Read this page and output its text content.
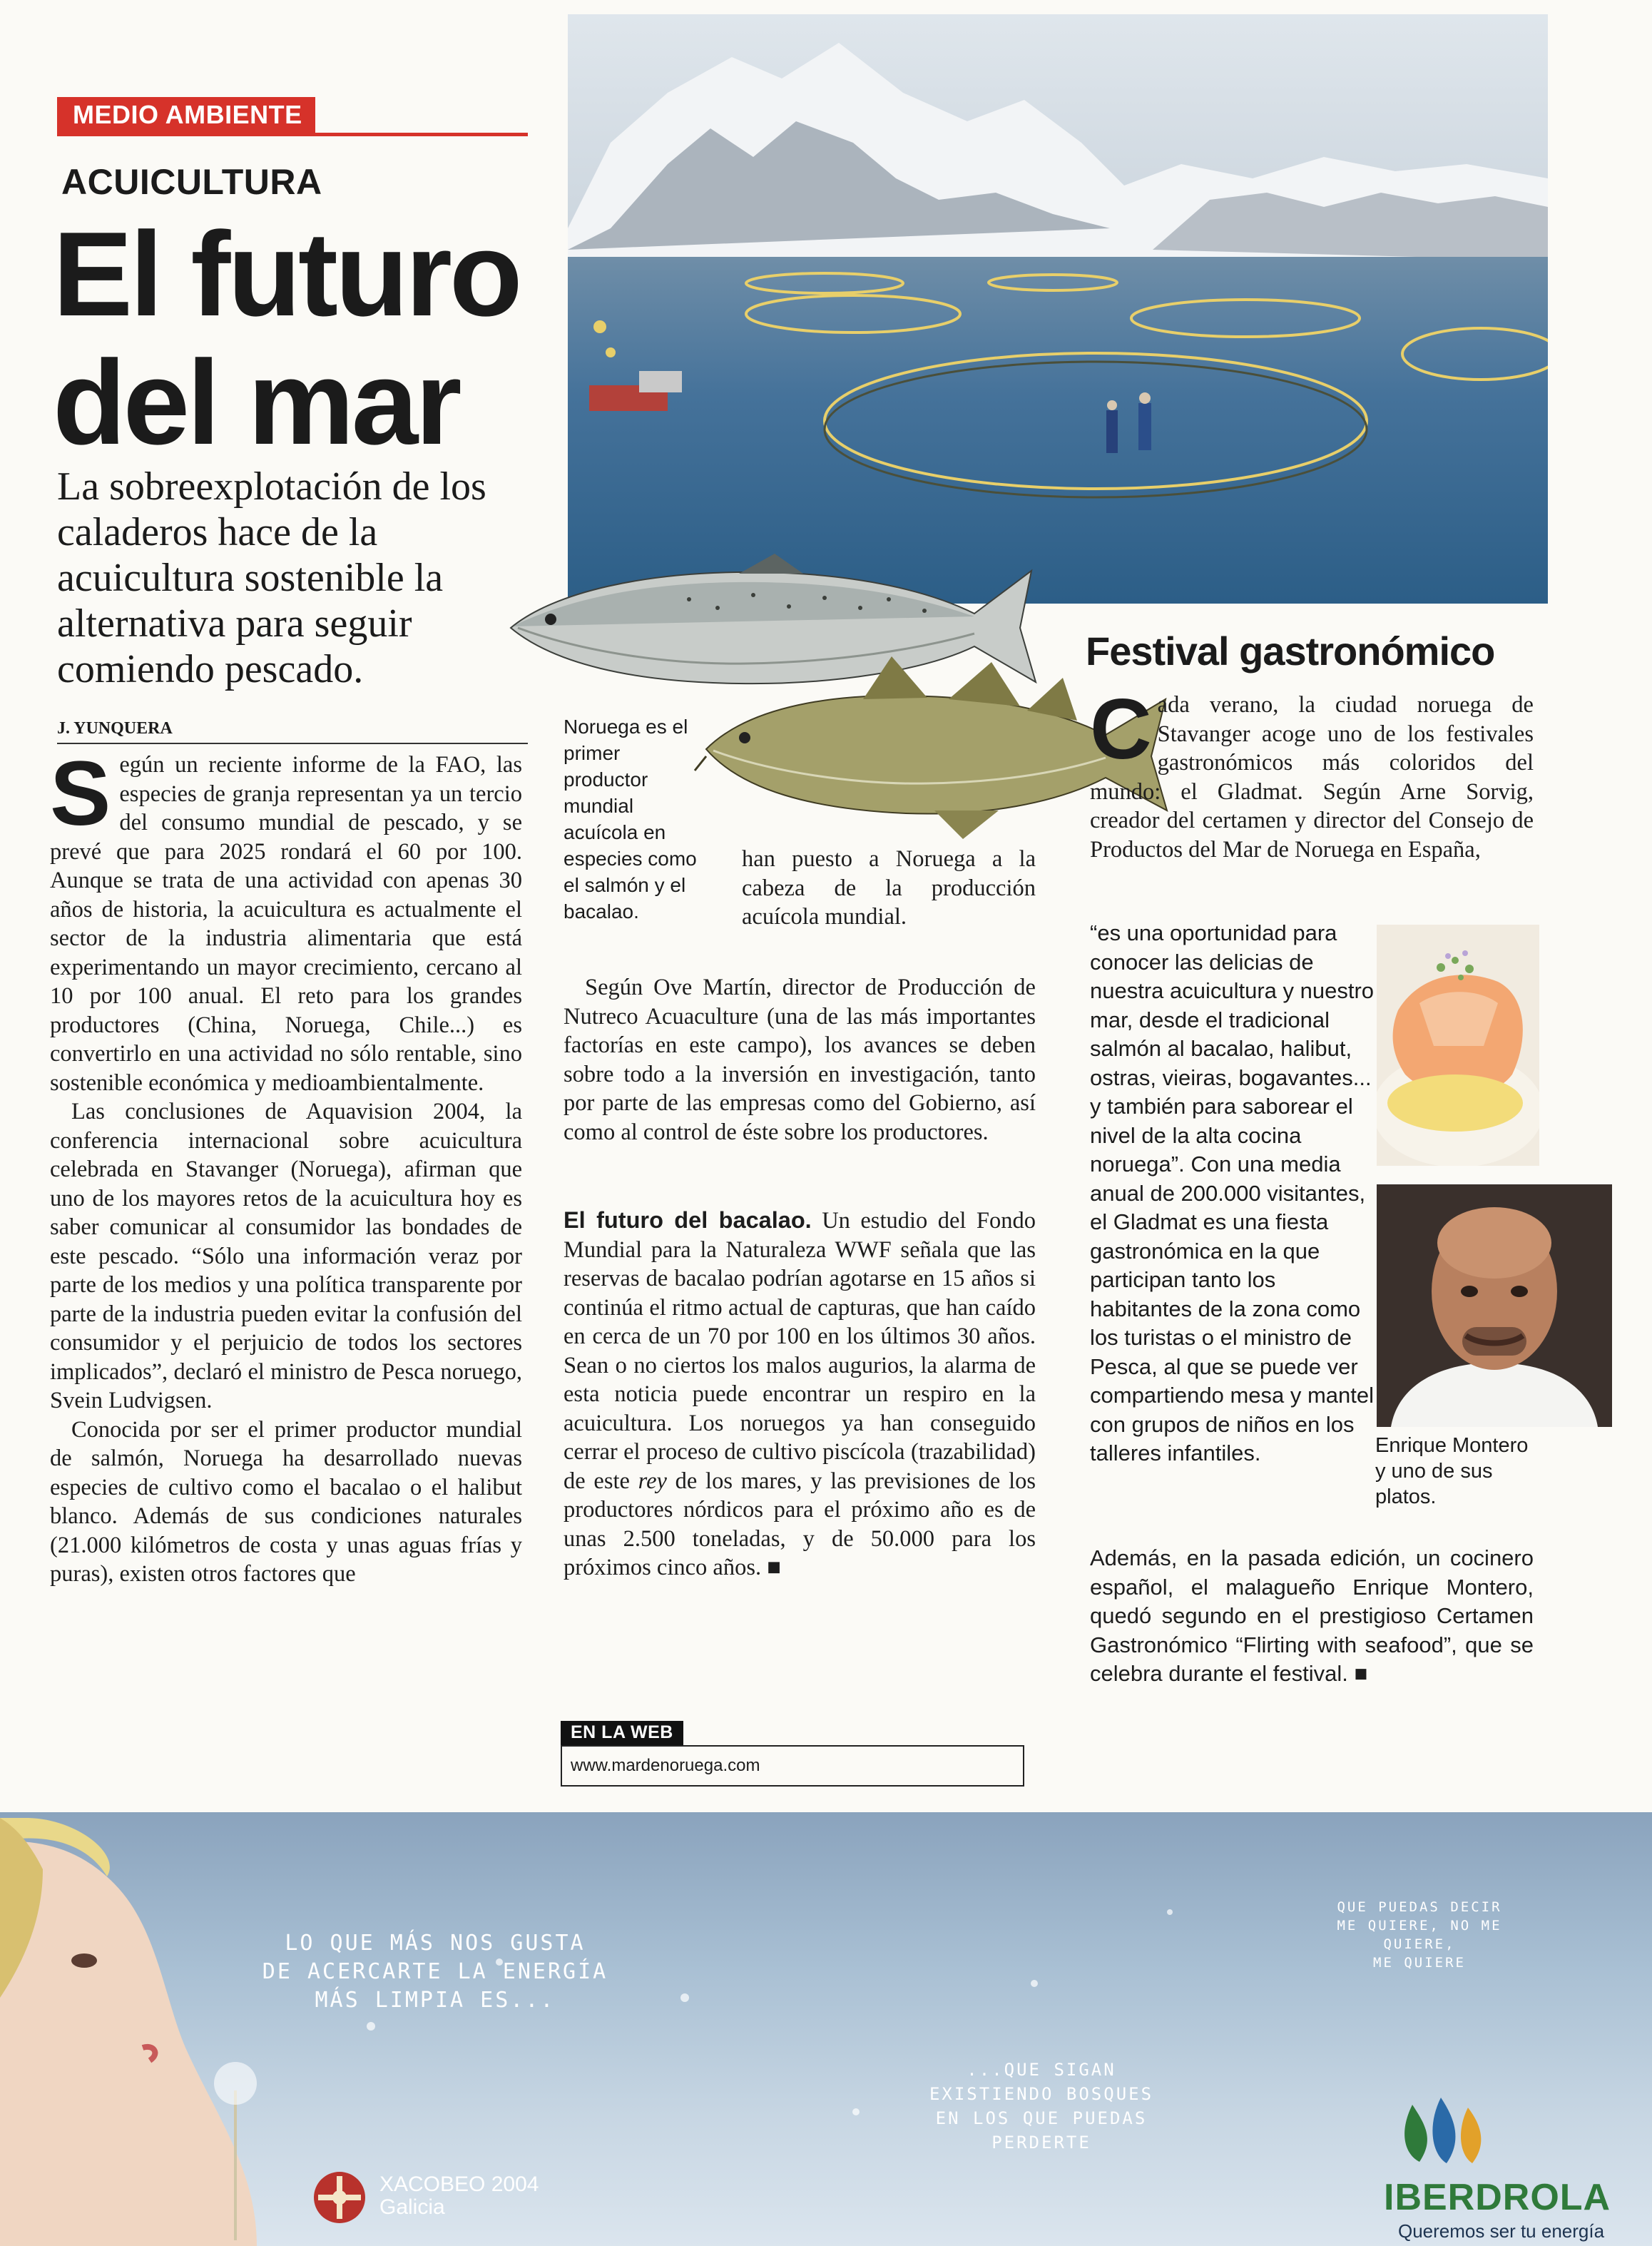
MEDIO AMBIENTE
ACUICULTURA
El futuro
del mar
La sobreexplotación de los caladeros hace de la acuicultura sostenible la alternativa para seguir comiendo pescado.
J. YUNQUERA

Según un reciente informe de la FAO, las especies de granja representan ya un tercio del consumo mundial de pescado, y se prevé que para 2025 rondará el 60 por 100. Aunque se trata de una actividad con apenas 30 años de historia, la acuicultura es actualmente el sector de la industria alimentaria que está experimentando un mayor crecimiento, cercano al 10 por 100 anual. El reto para los grandes productores (China, Noruega, Chile...) es convertirlo en una actividad no sólo rentable, sino sostenible económica y medioambientalmente.

Las conclusiones de Aquavision 2004, la conferencia internacional sobre acuicultura celebrada en Stavanger (Noruega), afirman que uno de los mayores retos de la acuicultura hoy es saber comunicar al consumidor las bondades de este pescado. “Sólo una información veraz por parte de los medios y una política transparente por parte de la industria pueden evitar la confusión del consumidor y el perjuicio de todos los sectores implicados”, declaró el ministro de Pesca noruego, Svein Ludvigsen.

Conocida por ser el primer productor mundial de salmón, Noruega ha desarrollado nuevas especies de cultivo como el bacalao o el halibut blanco. Además de sus condiciones naturales (21.000 kilómetros de costa y unas aguas frías y puras), existen otros factores que

Noruega es el primer productor mundial acuícola en especies como el salmón y el bacalao.

han puesto a Noruega a la cabeza de la producción acuícola mundial.

Según Ove Martín, director de Producción de Nutreco Acuaculture (una de las más importantes factorías en este campo), los avances se deben sobre todo a la inversión en investigación, tanto por parte de las empresas como del Gobierno, así como al control de éste sobre los productores.

El futuro del bacalao. Un estudio del Fondo Mundial para la Naturaleza WWF señala que las reservas de bacalao podrían agotarse en 15 años si continúa el ritmo actual de capturas, que han caído en cerca de un 70 por 100 en los últimos 30 años. Sean o no ciertos los malos augurios, la alarma de esta noticia puede encontrar un respiro en la acuicultura. Los noruegos ya han conseguido cerrar el proceso de cultivo piscícola (trazabilidad) de este rey de los mares, y las previsiones de los productores nórdicos para el próximo año es de unas 2.500 toneladas, y de 50.000 para los próximos cinco años. ■

EN LA WEB
www.mardenoruega.com
Festival gastronómico

Cada verano, la ciudad noruega de Stavanger acoge uno de los festivales gastronómicos más coloridos del mundo: el Gladmat. Según Arne Sorvig, creador del certamen y director del Consejo de Productos del Mar de Noruega en España,

“es una oportunidad para conocer las delicias de nuestra acuicultura y nuestro mar, desde el tradicional salmón al bacalao, halibut, ostras, vieiras, bogavantes... y también para saborear el nivel de la alta cocina noruega”. Con una media anual de 200.000 visitantes, el Gladmat es una fiesta gastronómica en la que participan tanto los habitantes de la zona como los turistas o el ministro de Pesca, al que se puede ver compartiendo mesa y mantel con grupos de niños en los talleres infantiles.

Además, en la pasada edición, un cocinero español, el malagueño Enrique Montero, quedó segundo en el prestigioso Certamen Gastronómico “Flirting with seafood”, que se celebra durante el festival. ■

Enrique Montero y uno de sus platos.
LO QUE MÁS NOS GUSTA
DE ACERCARTE LA ENERGÍA
MÁS LIMPIA ES...
...QUE SIGAN
EXISTIENDO BOSQUES
EN LOS QUE PUEDAS
PERDERTE
QUE PUEDAS DECIR
ME QUIERE, NO ME QUIERE,
ME QUIERE
XACOBEO 2004
Galicia	IBERDROLA
Queremos ser tu energía
